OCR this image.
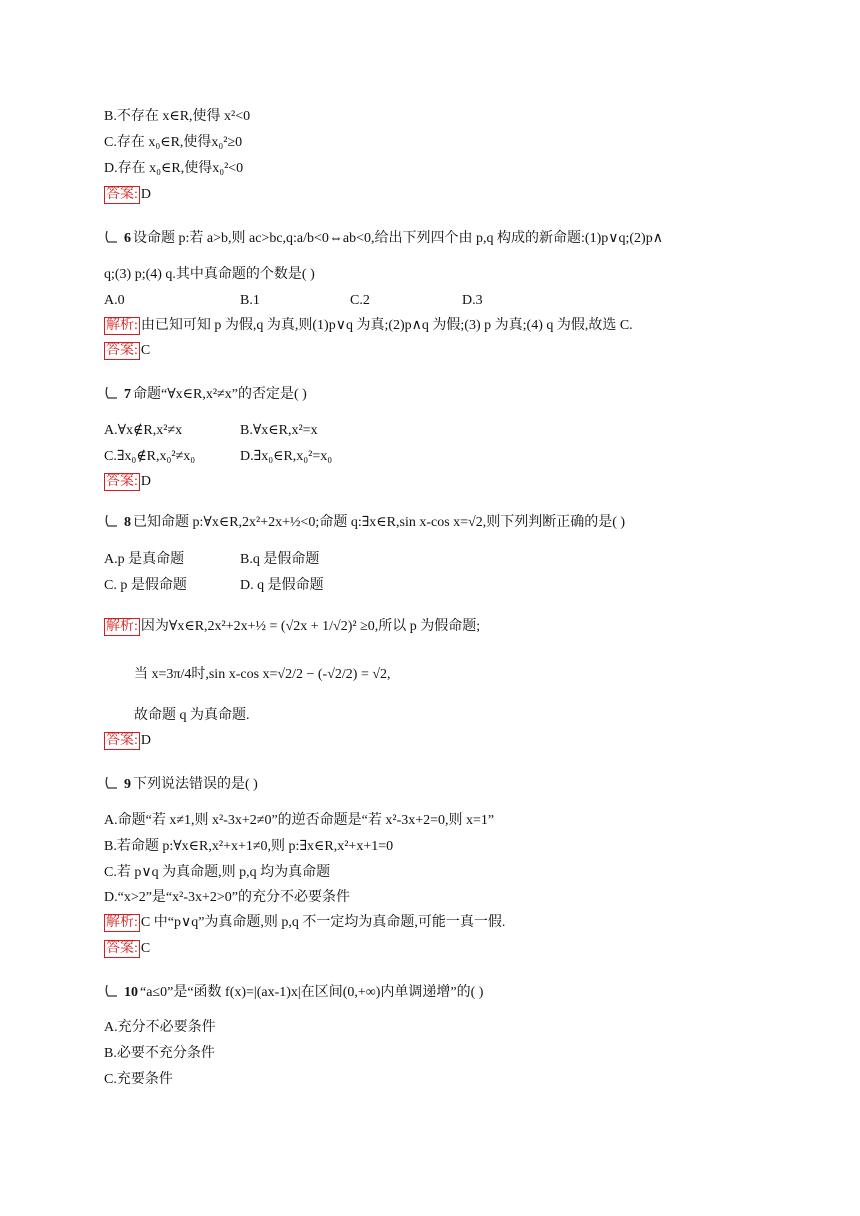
B.不存在 x∈R,使得 x²<0
C.存在 x₀∈R,使得x₀²≥0
D.存在 x₀∈R,使得x₀²<0
答案: D
6 设命题 p:若 a>b,则 ac>bc,q:a/b<0⇔ab<0,给出下列四个由 p,q 构成的新命题:(1)p∨q;(2)p∧
q;(3) p;(4) q.其中真命题的个数是( )
A.0	B.1	C.2	D.3
解析: 由已知可知 p 为假,q 为真,则(1)p∨q 为真;(2)p∧q 为假;(3) p 为真;(4) q 为假,故选 C.
答案: C
7 命题“∀x∈R,x²≠x”的否定是( )
A.∀x∉R,x²≠x	B.∀x∈R,x²=x
C.∃x₀∉R,x₀²≠x₀	D.∃x₀∈R,x₀²=x₀
答案: D
8 已知命题 p:∀x∈R,2x²+2x+½<0;命题 q:∃x∈R,sin x-cos x=√2,则下列判断正确的是( )
A.p 是真命题	B.q 是假命题
C. p 是假命题	D. q 是假命题
解析: 因为∀x∈R,2x²+2x+½ = (√2x + 1/√2)² ≥0,所以 p 为假命题;
当 x=3π/4时,sin x-cos x=√2/2 − (-√2/2) = √2,
故命题 q 为真命题.
答案: D
9 下列说法错误的是( )
A.命题“若 x≠1,则 x²-3x+2≠0”的逆否命题是“若 x²-3x+2=0,则 x=1”
B.若命题 p:∀x∈R,x²+x+1≠0,则 p:∃x∈R,x²+x+1=0
C.若 p∨q 为真命题,则 p,q 均为真命题
D.“x>2”是“x²-3x+2>0”的充分不必要条件
解析: C 中“p∨q”为真命题,则 p,q 不一定均为真命题,可能一真一假.
答案: C
10 “a≤0”是“函数 f(x)=|(ax-1)x|在区间(0,+∞)内单调递增”的( )
A.充分不必要条件
B.必要不充分条件
C.充要条件
